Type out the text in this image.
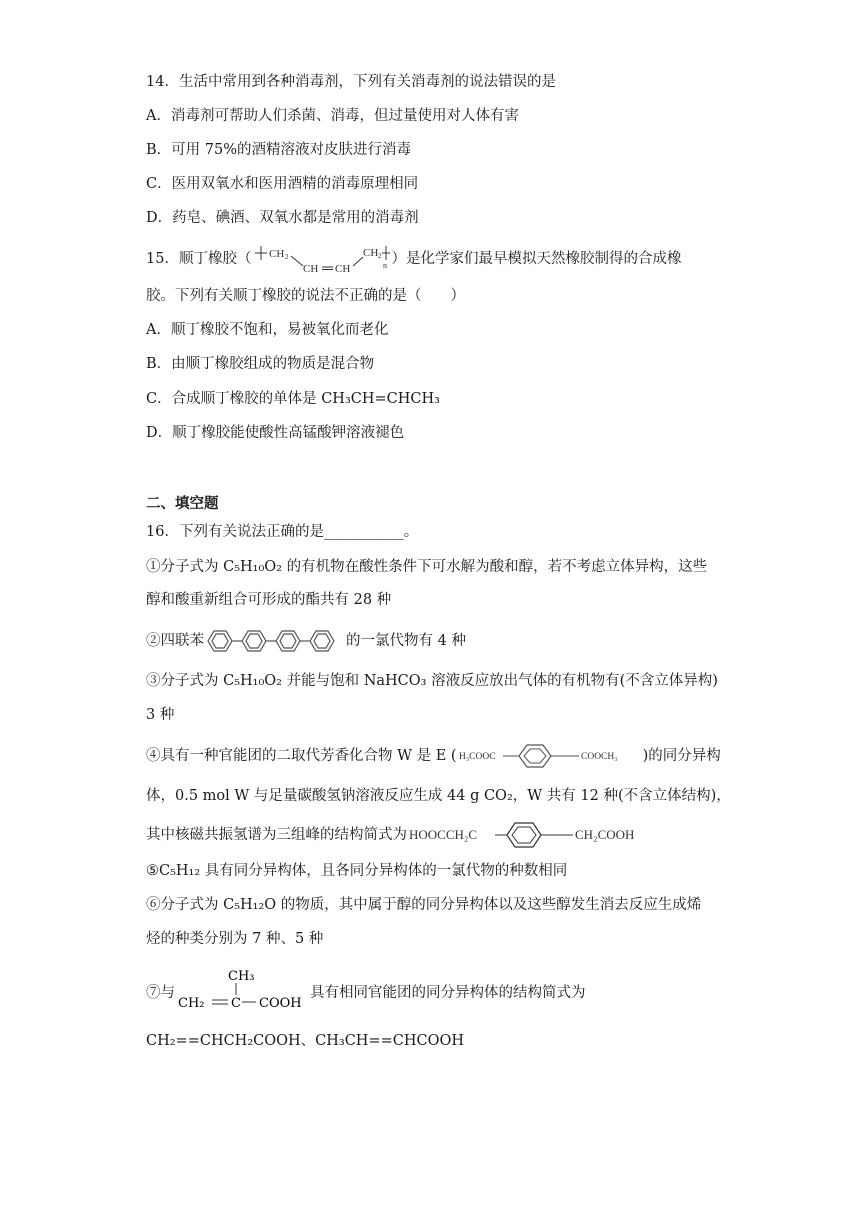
14．生活中常用到各种消毒剂，下列有关消毒剂的说法错误的是
A．消毒剂可帮助人们杀菌、消毒，但过量使用对人体有害
B．可用 75%的酒精溶液对皮肤进行消毒
C．医用双氧水和医用酒精的消毒原理相同
D．药皂、碘酒、双氧水都是常用的消毒剂
15．顺丁橡胶（ CH 2
CH CH
CH 2
n ）是化学家们最早模拟天然橡胶制得的合成橡
胶。下列有关顺丁橡胶的说法不正确的是（　　）
A．顺丁橡胶不饱和，易被氧化而老化
B．由顺丁橡胶组成的物质是混合物
C．合成顺丁橡胶的单体是 CH₃CH=CHCH₃
D．顺丁橡胶能使酸性高锰酸钾溶液褪色
二、填空题
16．下列有关说法正确的是___________。
①分子式为 C₅H₁₀O₂ 的有机物在酸性条件下可水解为酸和醇，若不考虑立体异构，这些
醇和酸重新组合可形成的酯共有 28 种
②四联苯	的一氯代物有 4 种
③分子式为 C₅H₁₀O₂ 并能与饱和 NaHCO₃ 溶液反应放出气体的有机物有(不含立体异构)
3 种
④具有一种官能团的二取代芳香化合物 W 是 E ( H₃COOC	COOCH₃ )的同分异构
体，0.5 mol W 与足量碳酸氢钠溶液反应生成 44 g CO₂，W 共有 12 种(不含立体结构)，
其中核磁共振氢谱为三组峰的结构简式为 HOOCCH₂C	CH₂COOH
⑤C₅H₁₂ 具有同分异构体，且各同分异构体的一氯代物的种数相同
⑥分子式为 C₅H₁₂O 的物质，其中属于醇的同分异构体以及这些醇发生消去反应生成烯
烃的种类分别为 7 种、5 种
⑦与
CH₃
CH₂ C COOH
具有相同官能团的同分异构体的结构简式为
CH₂==CHCH₂COOH、CH₃CH==CHCOOH
